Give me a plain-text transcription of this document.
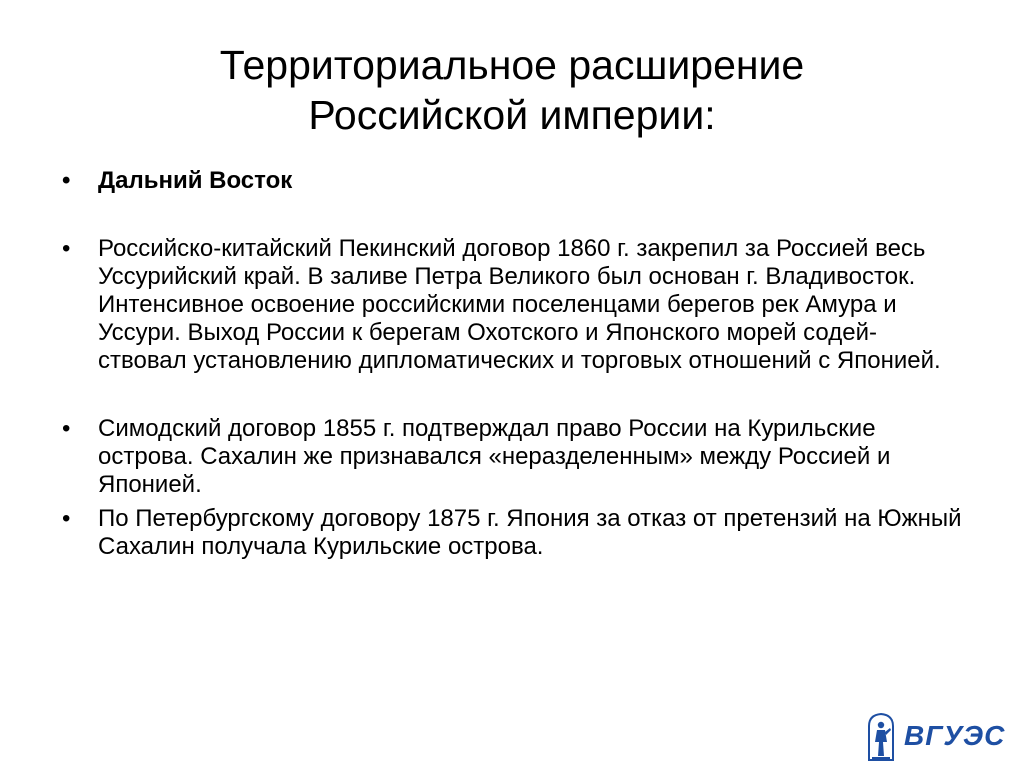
Территориальное расширение
Российской империи:
• Дальний Восток
• Российско-китайский Пекинский договор 1860 г. закрепил за Россией весь Уссурийский край. В заливе Петра Великого был основан г. Владивосток. Интенсивное освоение российскими поселенцами берегов рек Амура и Уссури. Выход России к берегам Охотского и Японского морей содей-ствовал установлению дипломатических и торговых отношений с Японией.
• Симодский договор 1855 г. подтверждал право России на Курильские острова. Сахалин же признавался «неразделенным» между Россией и Японией.
• По Петербургскому договору 1875 г. Япония за отказ от претензий на Южный Сахалин получала Курильские острова.
ВГУЭС
